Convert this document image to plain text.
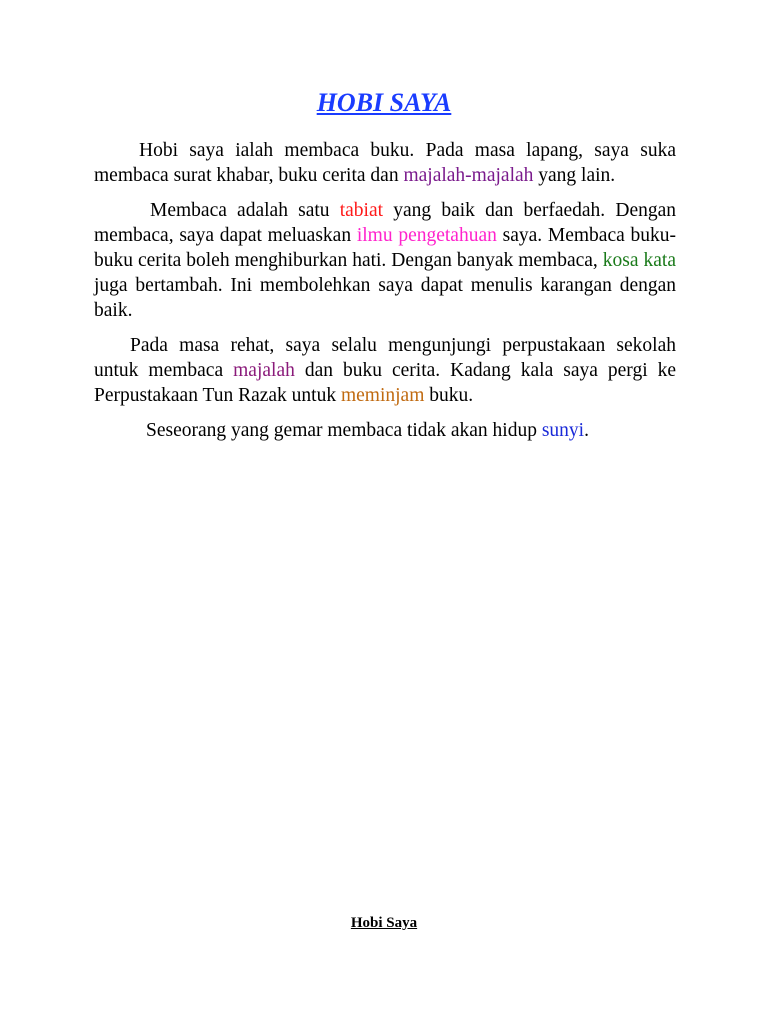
HOBI SAYA

Hobi saya ialah membaca buku. Pada masa lapang, saya suka membaca surat khabar, buku cerita dan majalah-majalah yang lain.

Membaca adalah satu tabiat yang baik dan berfaedah. Dengan membaca, saya dapat meluaskan ilmu pengetahuan saya. Membaca buku-buku cerita boleh menghiburkan hati. Dengan banyak membaca, kosa kata juga bertambah. Ini membolehkan saya dapat menulis karangan dengan baik.

Pada masa rehat, saya selalu mengunjungi perpustakaan sekolah untuk membaca majalah dan buku cerita. Kadang kala saya pergi ke Perpustakaan Tun Razak untuk meminjam buku.

Seseorang yang gemar membaca tidak akan hidup sunyi.

Hobi Saya
